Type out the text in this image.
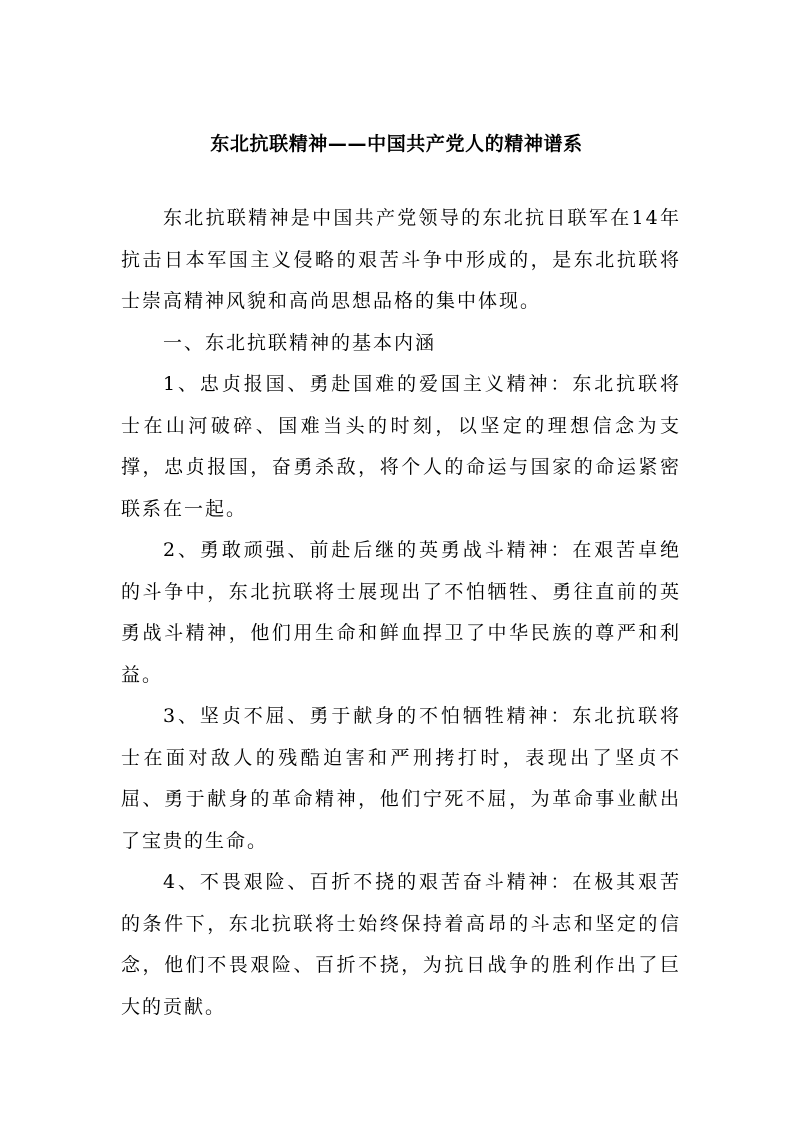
东北抗联精神——中国共产党人的精神谱系

东北抗联精神是中国共产党领导的东北抗日联军在14年抗击日本军国主义侵略的艰苦斗争中形成的，是东北抗联将士崇高精神风貌和高尚思想品格的集中体现。

一、东北抗联精神的基本内涵

1、忠贞报国、勇赴国难的爱国主义精神：东北抗联将士在山河破碎、国难当头的时刻，以坚定的理想信念为支撑，忠贞报国，奋勇杀敌，将个人的命运与国家的命运紧密联系在一起。

2、勇敢顽强、前赴后继的英勇战斗精神：在艰苦卓绝的斗争中，东北抗联将士展现出了不怕牺牲、勇往直前的英勇战斗精神，他们用生命和鲜血捍卫了中华民族的尊严和利益。

3、坚贞不屈、勇于献身的不怕牺牲精神：东北抗联将士在面对敌人的残酷迫害和严刑拷打时，表现出了坚贞不屈、勇于献身的革命精神，他们宁死不屈，为革命事业献出了宝贵的生命。

4、不畏艰险、百折不挠的艰苦奋斗精神：在极其艰苦的条件下，东北抗联将士始终保持着高昂的斗志和坚定的信念，他们不畏艰险、百折不挠，为抗日战争的胜利作出了巨大的贡献。
